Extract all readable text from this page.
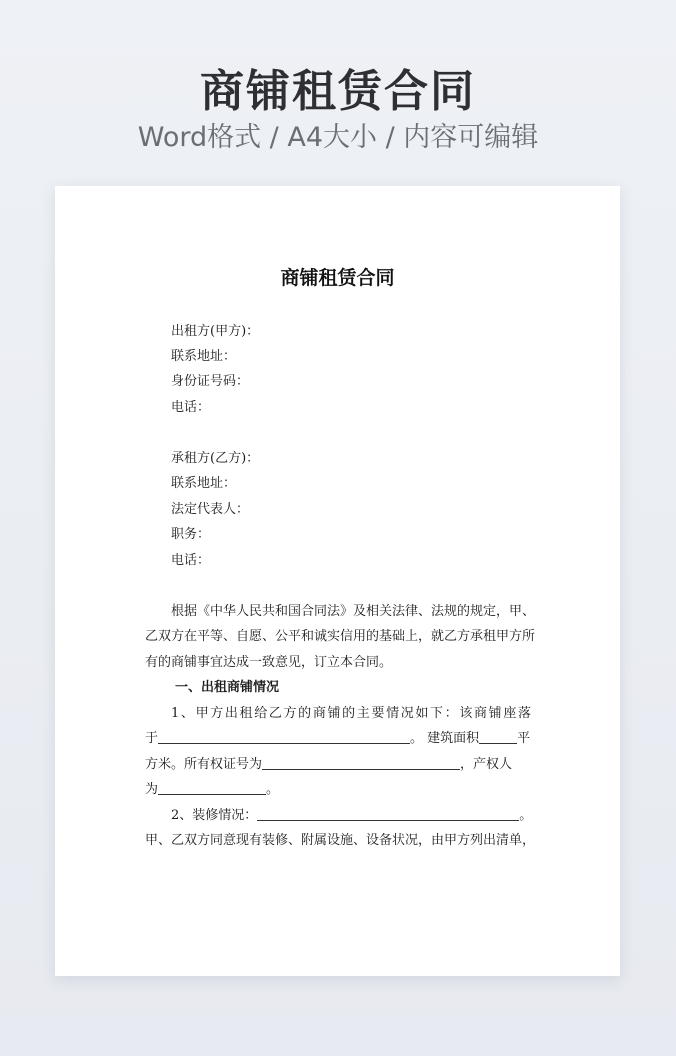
商铺租赁合同
Word格式 / A4大小 / 内容可编辑
商铺租赁合同
出租方(甲方)：
联系地址：
身份证号码：
电话：
承租方(乙方)：
联系地址：
法定代表人：
职务：
电话：
根据《中华人民共和国合同法》及相关法律、法规的规定，甲、
乙双方在平等、自愿、公平和诚实信用的基础上，就乙方承租甲方所
有的商铺事宜达成一致意见，订立本合同。
一、出租商铺情况
1、甲方出租给乙方的商铺的主要情况如下：该商铺座落
于	。 建筑面积	平
方米。所有权证号为	，产权人
为	。
2、装修情况：	。
甲、乙双方同意现有装修、附属设施、设备状况，由甲方列出清单，
